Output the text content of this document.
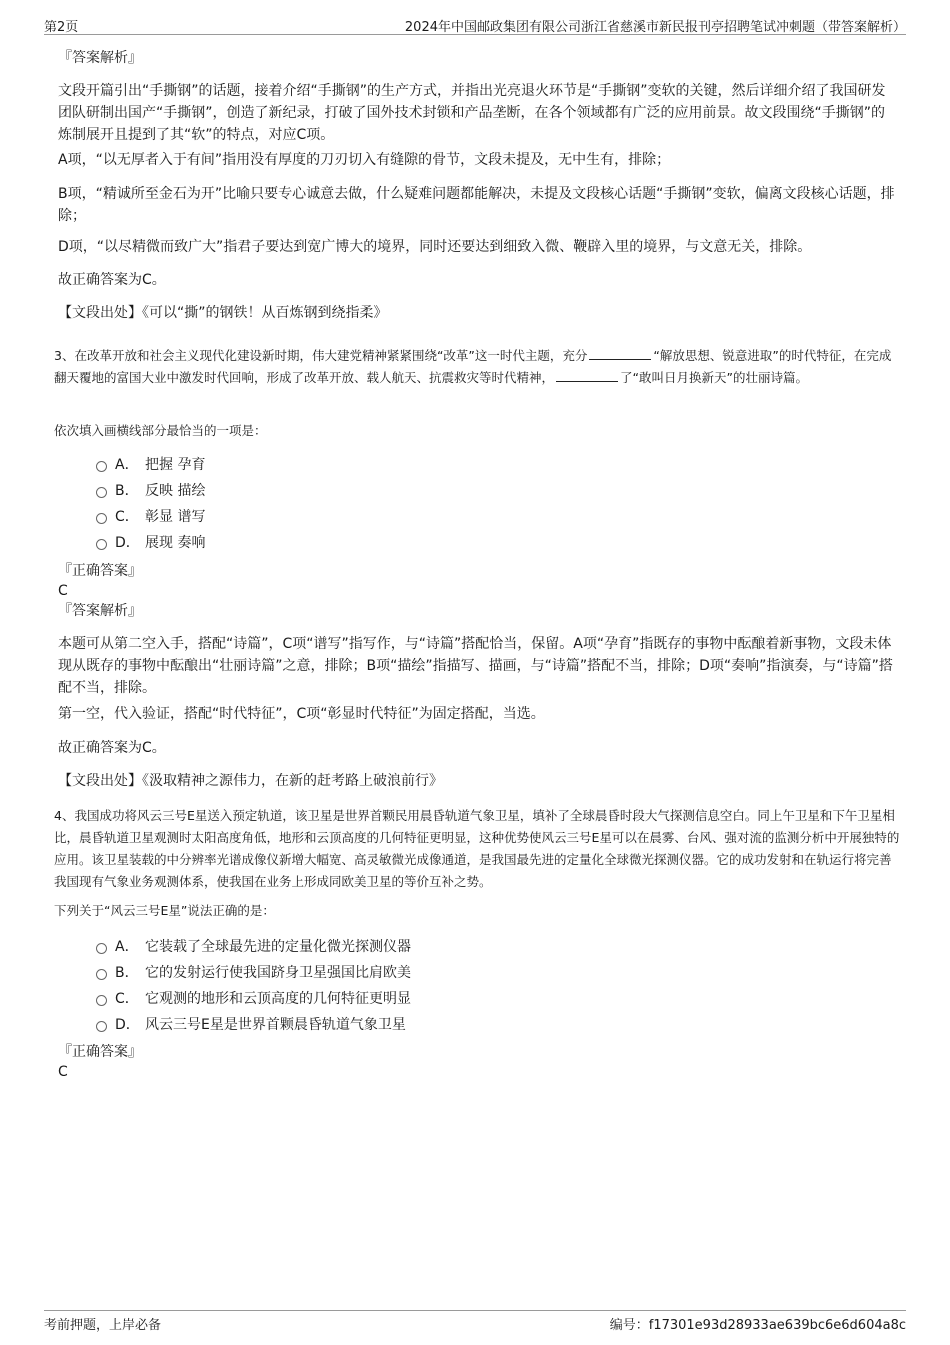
第2页	2024年中国邮政集团有限公司浙江省慈溪市新民报刊亭招聘笔试冲刺题（带答案解析）

『答案解析』

文段开篇引出“手撕钢”的话题，接着介绍“手撕钢”的生产方式，并指出光亮退火环节是“手撕钢”变软的关键，然后详细介绍了我国研发团队研制出国产“手撕钢”，创造了新纪录，打破了国外技术封锁和产品垄断，在各个领域都有广泛的应用前景。故文段围绕“手撕钢”的炼制展开且提到了其“软”的特点，对应C项。

A项，“以无厚者入于有间”指用没有厚度的刀刃切入有缝隙的骨节，文段未提及，无中生有，排除；

B项，“精诚所至金石为开”比喻只要专心诚意去做，什么疑难问题都能解决，未提及文段核心话题“手撕钢”变软，偏离文段核心话题，排除；

D项，“以尽精微而致广大”指君子要达到宽广博大的境界，同时还要达到细致入微、鞭辟入里的境界，与文意无关，排除。

故正确答案为C。

【文段出处】《可以“撕”的钢铁！从百炼钢到绕指柔》

3、在改革开放和社会主义现代化建设新时期，伟大建党精神紧紧围绕“改革”这一时代主题，充分	“解放思想、锐意进取”的时代特征，在完成翻天覆地的富国大业中激发时代回响，形成了改革开放、载人航天、抗震救灾等时代精神，	了“敢叫日月换新天”的壮丽诗篇。

依次填入画横线部分最恰当的一项是：

A． 把握 孕育
B． 反映 描绘
C． 彰显 谱写
D． 展现 奏响

『正确答案』

C

『答案解析』

本题可从第二空入手，搭配“诗篇”，C项“谱写”指写作，与“诗篇”搭配恰当，保留。A项“孕育”指既存的事物中酝酿着新事物，文段未体现从既存的事物中酝酿出“壮丽诗篇”之意，排除；B项“描绘”指描写、描画，与“诗篇”搭配不当，排除；D项“奏响”指演奏，与“诗篇”搭配不当，排除。

第一空，代入验证，搭配“时代特征”，C项“彰显时代特征”为固定搭配，当选。

故正确答案为C。

【文段出处】《汲取精神之源伟力，在新的赶考路上破浪前行》

4、我国成功将风云三号E星送入预定轨道，该卫星是世界首颗民用晨昏轨道气象卫星，填补了全球晨昏时段大气探测信息空白。同上午卫星和下午卫星相比，晨昏轨道卫星观测时太阳高度角低，地形和云顶高度的几何特征更明显，这种优势使风云三号E星可以在晨雾、台风、强对流的监测分析中开展独特的应用。该卫星装载的中分辨率光谱成像仪新增大幅宽、高灵敏微光成像通道，是我国最先进的定量化全球微光探测仪器。它的成功发射和在轨运行将完善我国现有气象业务观测体系，使我国在业务上形成同欧美卫星的等价互补之势。

下列关于“风云三号E星”说法正确的是：

A． 它装载了全球最先进的定量化微光探测仪器
B． 它的发射运行使我国跻身卫星强国比肩欧美
C． 它观测的地形和云顶高度的几何特征更明显
D． 风云三号E星是世界首颗晨昏轨道气象卫星

『正确答案』

C

考前押题，上岸必备	编号：f17301e93d28933ae639bc6e6d604a8c
